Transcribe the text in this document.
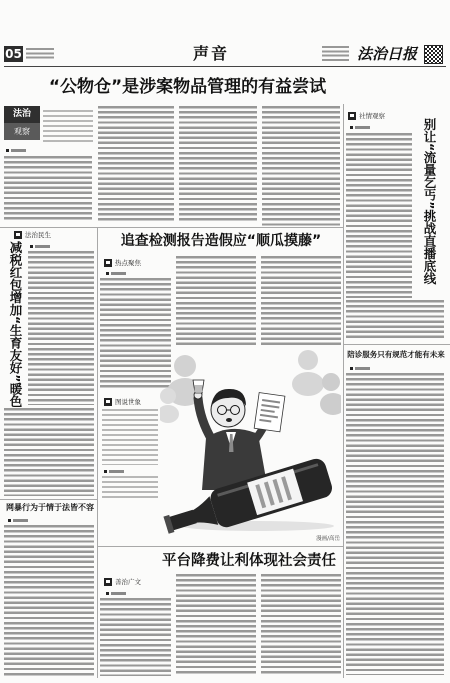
05	声音	法治日报
“公物仓”是涉案物品管理的有益尝试
法治
观察
社情观察
别让“流量乞丐”挑战直播底线
陪诊服务只有规范才能有未来
法治民生
减税红包增加“生育友好”暖色
网暴行为于情于法皆不容
追查检测报告造假应“顺瓜摸藤”
热点聚焦
图说世象
漫画/高岳
平台降费让利体现社会责任
善治广文
